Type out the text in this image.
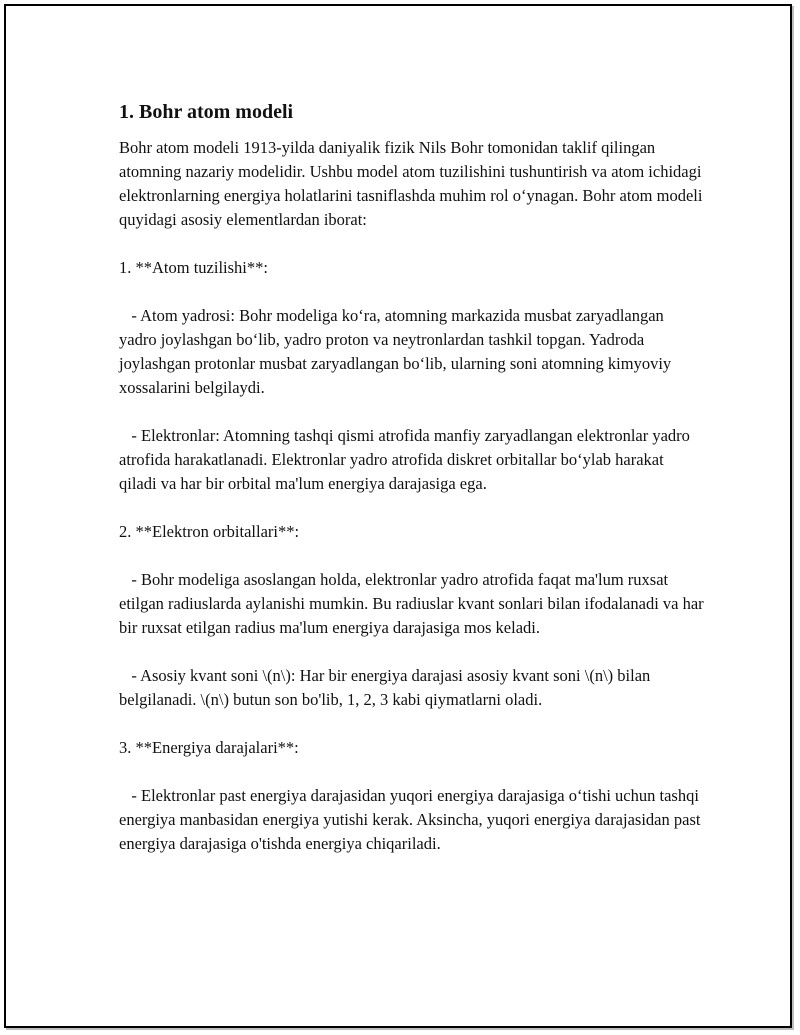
1. Bohr atom modeli

Bohr atom modeli 1913-yilda daniyalik fizik Nils Bohr tomonidan taklif qilingan atomning nazariy modelidir. Ushbu model atom tuzilishini tushuntirish va atom ichidagi elektronlarning energiya holatlarini tasniflashda muhim rol o‘ynagan. Bohr atom modeli quyidagi asosiy elementlardan iborat:

1. **Atom tuzilishi**:

- Atom yadrosi: Bohr modeliga ko‘ra, atomning markazida musbat zaryadlangan yadro joylashgan bo‘lib, yadro proton va neytronlardan tashkil topgan. Yadroda joylashgan protonlar musbat zaryadlangan bo‘lib, ularning soni atomning kimyoviy xossalarini belgilaydi.

- Elektronlar: Atomning tashqi qismi atrofida manfiy zaryadlangan elektronlar yadro atrofida harakatlanadi. Elektronlar yadro atrofida diskret orbitallar bo‘ylab harakat qiladi va har bir orbital ma'lum energiya darajasiga ega.

2. **Elektron orbitallari**:

- Bohr modeliga asoslangan holda, elektronlar yadro atrofida faqat ma'lum ruxsat etilgan radiuslarda aylanishi mumkin. Bu radiuslar kvant sonlari bilan ifodalanadi va har bir ruxsat etilgan radius ma'lum energiya darajasiga mos keladi.

- Asosiy kvant soni \(n\): Har bir energiya darajasi asosiy kvant soni \(n\) bilan belgilanadi. \(n\) butun son bo'lib, 1, 2, 3 kabi qiymatlarni oladi.

3. **Energiya darajalari**:

- Elektronlar past energiya darajasidan yuqori energiya darajasiga o‘tishi uchun tashqi energiya manbasidan energiya yutishi kerak. Aksincha, yuqori energiya darajasidan past energiya darajasiga o'tishda energiya chiqariladi.
